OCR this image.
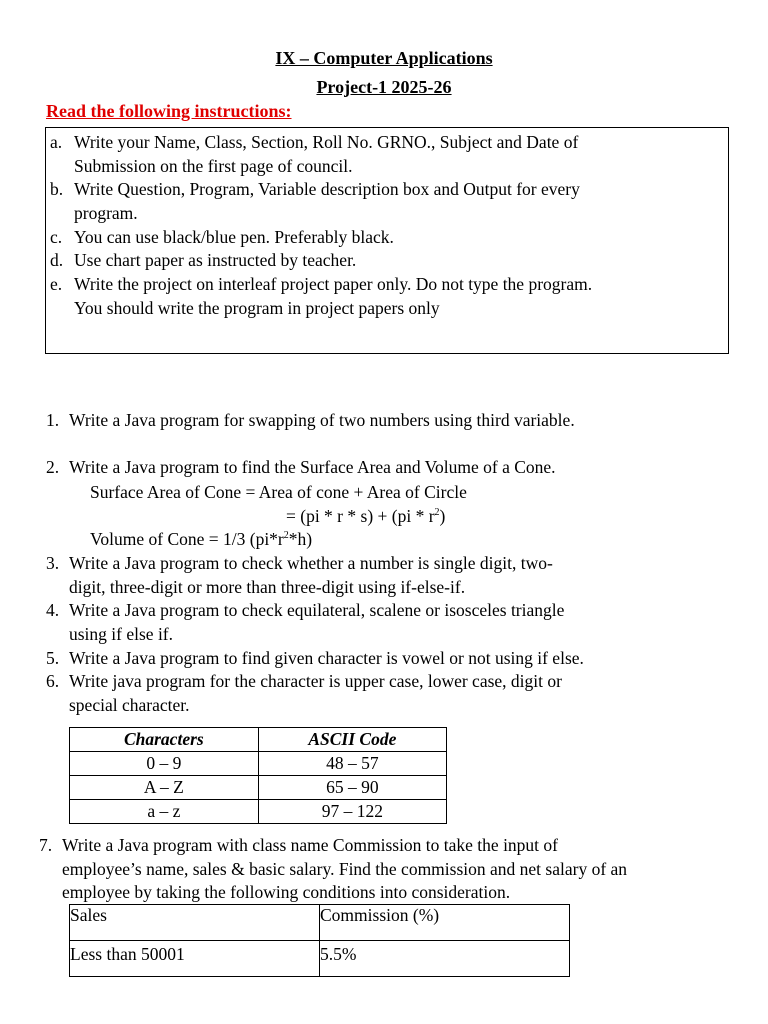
IX – Computer Applications
Project-1 2025-26
Read the following instructions:
a. Write your Name, Class, Section, Roll No. GRNO., Subject and Date of
Submission on the first page of council.
b. Write Question, Program, Variable description box and Output for every
program.
c. You can use black/blue pen. Preferably black.
d. Use chart paper as instructed by teacher.
e. Write the project on interleaf project paper only. Do not type the program.
You should write the program in project papers only
1. Write a Java program for swapping of two numbers using third variable.
2. Write a Java program to find the Surface Area and Volume of a Cone.
Surface Area of Cone = Area of cone + Area of Circle
= $(pi * r * s) + (pi * r^2)$
Volume of Cone = 1/3 $(pi*r^2*h)$
3. Write a Java program to check whether a number is single digit, two-
digit, three-digit or more than three-digit using if-else-if.
4. Write a Java program to check equilateral, scalene or isosceles triangle
using if else if.
5. Write a Java program to find given character is vowel or not using if else.
6. Write java program for the character is upper case, lower case, digit or
special character.
Characters	ASCII Code
0 – 9	48 – 57
A – Z	65 – 90
a – z	97 – 122
7. Write a Java program with class name Commission to take the input of
employee’s name, sales & basic salary. Find the commission and net salary of an
employee by taking the following conditions into consideration.
Sales	Commission (%)
Less than 50001	5.5%
